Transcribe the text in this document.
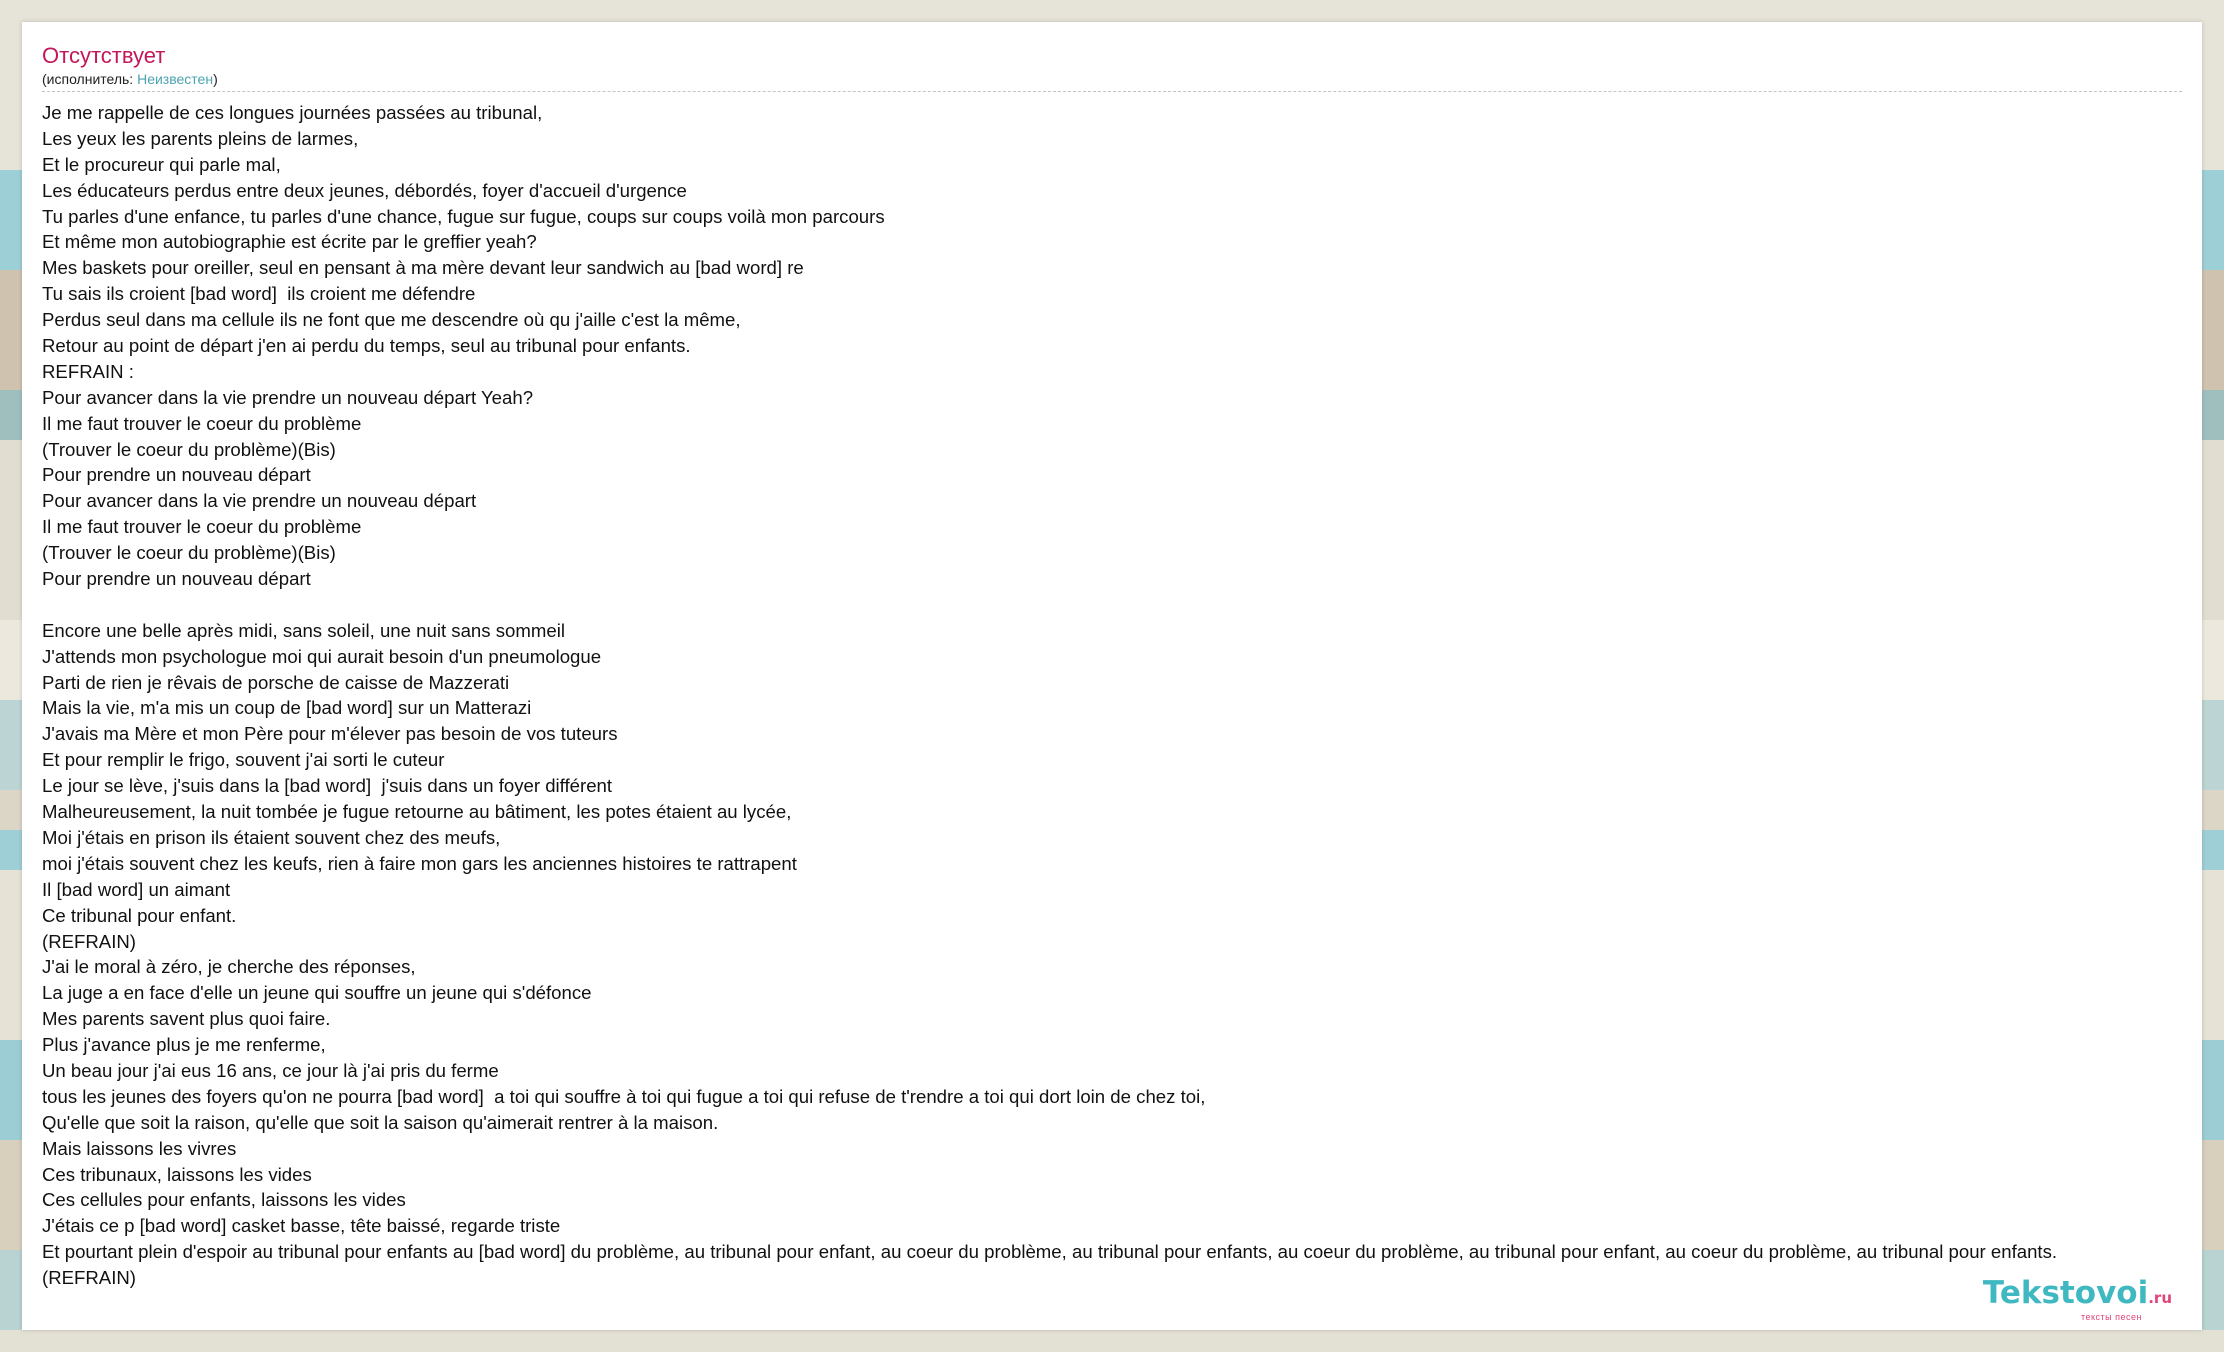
Отсутствует
(исполнитель: Неизвестен)
Je me rappelle de ces longues journées passées au tribunal,
Les yeux les parents pleins de larmes,
Et le procureur qui parle mal,
Les éducateurs perdus entre deux jeunes, débordés, foyer d'accueil d'urgence
Tu parles d'une enfance, tu parles d'une chance, fugue sur fugue, coups sur coups voilà mon parcours
Et même mon autobiographie est écrite par le greffier yeah?
Mes baskets pour oreiller, seul en pensant à ma mère devant leur sandwich au [bad word] re
Tu sais ils croient [bad word]  ils croient me défendre
Perdus seul dans ma cellule ils ne font que me descendre où qu j'aille c'est la même,
Retour au point de départ j'en ai perdu du temps, seul au tribunal pour enfants.
REFRAIN :
Pour avancer dans la vie prendre un nouveau départ Yeah?
Il me faut trouver le coeur du problème
(Trouver le coeur du problème)(Bis)
Pour prendre un nouveau départ
Pour avancer dans la vie prendre un nouveau départ
Il me faut trouver le coeur du problème
(Trouver le coeur du problème)(Bis)
Pour prendre un nouveau départ
Encore une belle après midi, sans soleil, une nuit sans sommeil
J'attends mon psychologue moi qui aurait besoin d'un pneumologue
Parti de rien je rêvais de porsche de caisse de Mazzerati
Mais la vie, m'a mis un coup de [bad word] sur un Matterazi
J'avais ma Mère et mon Père pour m'élever pas besoin de vos tuteurs
Et pour remplir le frigo, souvent j'ai sorti le cuteur
Le jour se lève, j'suis dans la [bad word]  j'suis dans un foyer différent
Malheureusement, la nuit tombée je fugue retourne au bâtiment, les potes étaient au lycée,
Moi j'étais en prison ils étaient souvent chez des meufs,
moi j'étais souvent chez les keufs, rien à faire mon gars les anciennes histoires te rattrapent
Il [bad word] un aimant
Ce tribunal pour enfant.
(REFRAIN)
J'ai le moral à zéro, je cherche des réponses,
La juge a en face d'elle un jeune qui souffre un jeune qui s'défonce
Mes parents savent plus quoi faire.
Plus j'avance plus je me renferme,
Un beau jour j'ai eus 16 ans, ce jour là j'ai pris du ferme
tous les jeunes des foyers qu'on ne pourra [bad word]  a toi qui souffre à toi qui fugue a toi qui refuse de t'rendre a toi qui dort loin de chez toi,
Qu'elle que soit la raison, qu'elle que soit la saison qu'aimerait rentrer à la maison.
Mais laissons les vivres
Ces tribunaux, laissons les vides
Ces cellules pour enfants, laissons les vides
J'étais ce p [bad word] casket basse, tête baissé, regarde triste
Et pourtant plein d'espoir au tribunal pour enfants au [bad word] du problème, au tribunal pour enfant, au coeur du problème, au tribunal pour enfants, au coeur du problème, au tribunal pour enfant, au coeur du problème, au tribunal pour enfants.
(REFRAIN)	Tekstovoi.ru
тексты песен
